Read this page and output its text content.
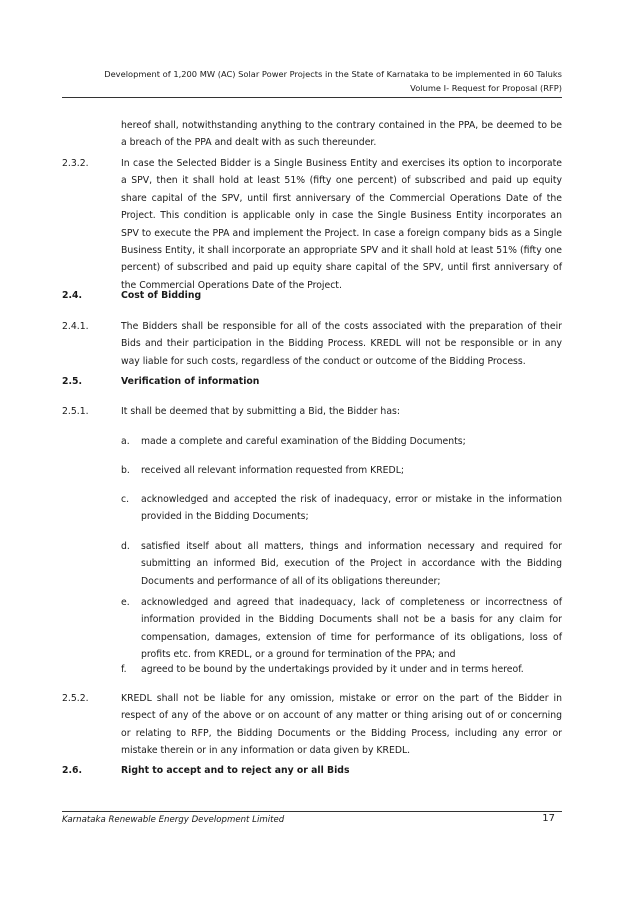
Development of 1,200 MW (AC) Solar Power Projects in the State of Karnataka to be implemented in 60 Taluks
Volume I- Request for Proposal (RFP)
hereof shall, notwithstanding anything to the contrary contained in the PPA, be deemed to be a breach of the PPA and dealt with as such thereunder.
2.3.2.	In case the Selected Bidder is a Single Business Entity and exercises its option to incorporate a SPV, then it shall hold at least 51% (fifty one percent) of subscribed and paid up equity share capital of the SPV, until first anniversary of the Commercial Operations Date of the Project. This condition is applicable only in case the Single Business Entity incorporates an SPV to execute the PPA and implement the Project. In case a foreign company bids as a Single Business Entity, it shall incorporate an appropriate SPV and it shall hold at least 51% (fifty one percent) of subscribed and paid up equity share capital of the SPV, until first anniversary of the Commercial Operations Date of the Project.
2.4.	Cost of Bidding
2.4.1.	The Bidders shall be responsible for all of the costs associated with the preparation of their Bids and their participation in the Bidding Process. KREDL will not be responsible or in any way liable for such costs, regardless of the conduct or outcome of the Bidding Process.
2.5.	Verification of information
2.5.1.	It shall be deemed that by submitting a Bid, the Bidder has:
a. made a complete and careful examination of the Bidding Documents;
b. received all relevant information requested from KREDL;
c. acknowledged and accepted the risk of inadequacy, error or mistake in the information provided in the Bidding Documents;
d. satisfied itself about all matters, things and information necessary and required for submitting an informed Bid, execution of the Project in accordance with the Bidding Documents and performance of all of its obligations thereunder;
e. acknowledged and agreed that inadequacy, lack of completeness or incorrectness of information provided in the Bidding Documents shall not be a basis for any claim for compensation, damages, extension of time for performance of its obligations, loss of profits etc. from KREDL, or a ground for termination of the PPA; and
f. agreed to be bound by the undertakings provided by it under and in terms hereof.
2.5.2.	KREDL shall not be liable for any omission, mistake or error on the part of the Bidder in respect of any of the above or on account of any matter or thing arising out of or concerning or relating to RFP, the Bidding Documents or the Bidding Process, including any error or mistake therein or in any information or data given by KREDL.
2.6.	Right to accept and to reject any or all Bids
Karnataka Renewable Energy Development Limited	17
